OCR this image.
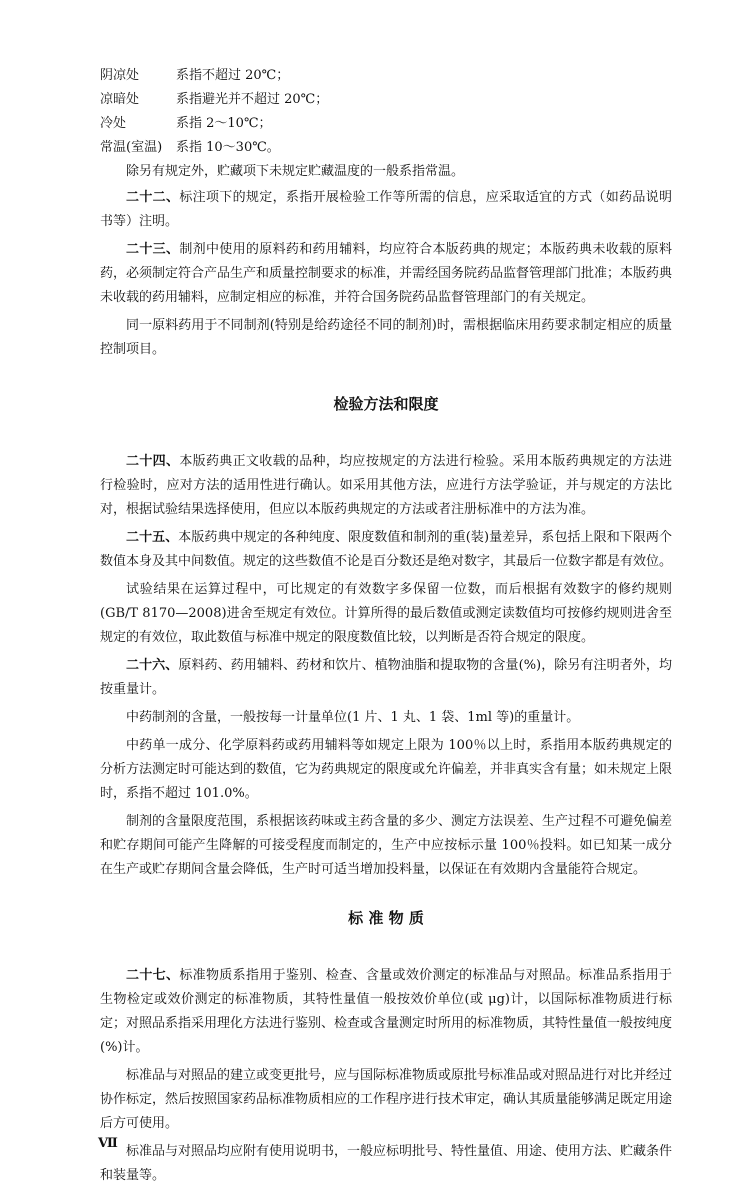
阴凉处	系指不超过 20℃；
凉暗处	系指避光并不超过 20℃；
冷处	系指 2～10℃；
常温(室温)	系指 10～30℃。

除另有规定外，贮藏项下未规定贮藏温度的一般系指常温。

二十二、标注项下的规定，系指开展检验工作等所需的信息，应采取适宜的方式（如药品说明书等）注明。

二十三、制剂中使用的原料药和药用辅料，均应符合本版药典的规定；本版药典未收载的原料药，必须制定符合产品生产和质量控制要求的标准，并需经国务院药品监督管理部门批准；本版药典未收载的药用辅料，应制定相应的标准，并符合国务院药品监督管理部门的有关规定。

同一原料药用于不同制剂(特别是给药途径不同的制剂)时，需根据临床用药要求制定相应的质量控制项目。

检验方法和限度

二十四、本版药典正文收载的品种，均应按规定的方法进行检验。采用本版药典规定的方法进行检验时，应对方法的适用性进行确认。如采用其他方法，应进行方法学验证，并与规定的方法比对，根据试验结果选择使用，但应以本版药典规定的方法或者注册标准中的方法为准。

二十五、本版药典中规定的各种纯度、限度数值和制剂的重(装)量差异，系包括上限和下限两个数值本身及其中间数值。规定的这些数值不论是百分数还是绝对数字，其最后一位数字都是有效位。

试验结果在运算过程中，可比规定的有效数字多保留一位数，而后根据有效数字的修约规则(GB/T 8170—2008)进舍至规定有效位。计算所得的最后数值或测定读数值均可按修约规则进舍至规定的有效位，取此数值与标准中规定的限度数值比较，以判断是否符合规定的限度。

二十六、原料药、药用辅料、药材和饮片、植物油脂和提取物的含量(%)，除另有注明者外，均按重量计。

中药制剂的含量，一般按每一计量单位(1 片、1 丸、1 袋、1ml 等)的重量计。

中药单一成分、化学原料药或药用辅料等如规定上限为 100％以上时，系指用本版药典规定的分析方法测定时可能达到的数值，它为药典规定的限度或允许偏差，并非真实含有量；如未规定上限时，系指不超过 101.0%。

制剂的含量限度范围，系根据该药味或主药含量的多少、测定方法误差、生产过程不可避免偏差和贮存期间可能产生降解的可接受程度而制定的，生产中应按标示量 100％投料。如已知某一成分在生产或贮存期间含量会降低，生产时可适当增加投料量，以保证在有效期内含量能符合规定。

标 准 物 质

二十七、标准物质系指用于鉴别、检查、含量或效价测定的标准品与对照品。标准品系指用于生物检定或效价测定的标准物质，其特性量值一般按效价单位(或 μg)计，以国际标准物质进行标定；对照品系指采用理化方法进行鉴别、检查或含量测定时所用的标准物质，其特性量值一般按纯度(%)计。

标准品与对照品的建立或变更批号，应与国际标准物质或原批号标准品或对照品进行对比并经过协作标定，然后按照国家药品标准物质相应的工作程序进行技术审定，确认其质量能够满足既定用途后方可使用。

标准品与对照品均应附有使用说明书，一般应标明批号、特性量值、用途、使用方法、贮藏条件和装量等。

Ⅶ
